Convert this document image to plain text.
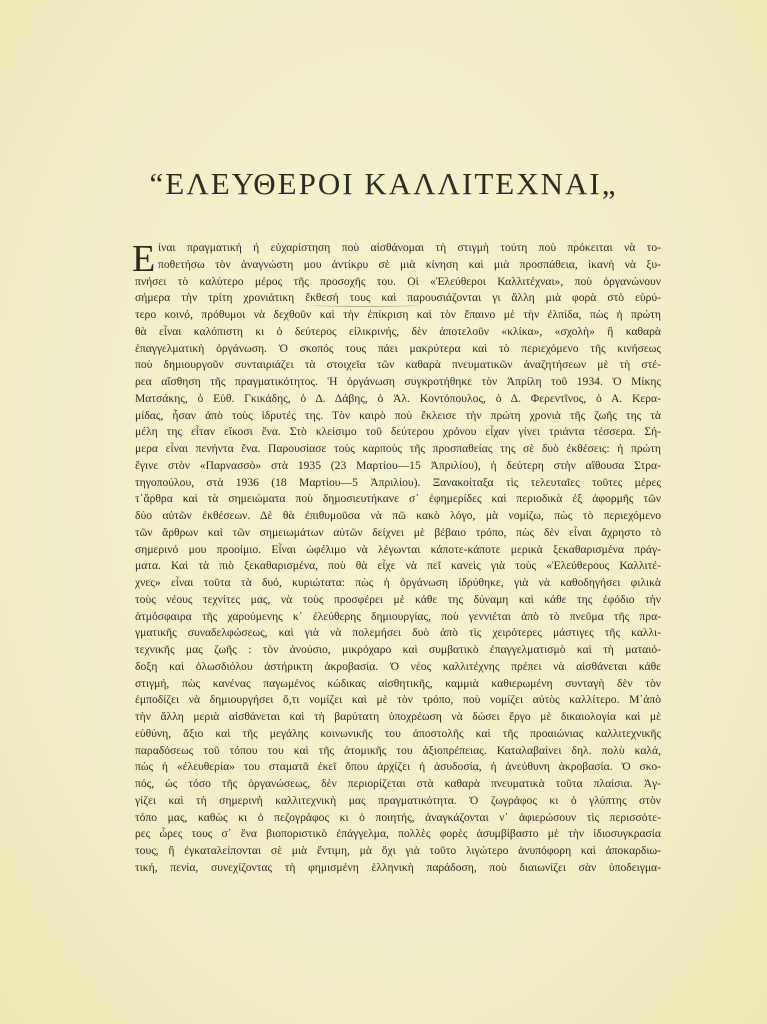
“ΕΛΕΥΘΕΡΟΙ ΚΑΛΛΙΤΕΧΝΑΙ„
Ε ίναι πραγματική ή εὐχαρίστηση ποὺ αἰσθάνομαι τὴ στιγμὴ τούτη ποὺ πρόκειται νὰ το-
ποθετήσω τὸν ἀναγνώστη μου ἀντίκρυ σὲ μιὰ κίνηση καὶ μιὰ προσπάθεια, ἱκανὴ νὰ ξυ-
πνήσει τὸ καλύτερο μέρος τῆς προσοχῆς του. Οἱ «Ἐλεύθεροι Καλλιτέχναι», ποὺ ὀργανώνουν
σήμερα τὴν τρίτη χρονιάτικη ἔκθεσή τους καὶ παρουσιάζονται γι ἄλλη μιὰ φορὰ στὸ εὐρύ-
τερο κοινό, πρόθυμοι νὰ δεχθοῦν καὶ τὴν ἐπίκριση καὶ τὸν ἔπαινο μὲ τὴν ἐλπίδα, πὼς ἡ πρώτη
θὰ εἶναι καλόπιστη κι ὁ δεύτερος εἰλικρινής, δὲν ἀποτελοῦν «κλίκα», «σχολὴ» ἢ καθαρὰ
ἐπαγγελματικὴ ὀργάνωση. Ὁ σκοπός τους πάει μακρύτερα καὶ τὸ περιεχόμενο τῆς κινήσεως
ποὺ δημιουργοῦν συνταιριάζει τὰ στοιχεῖα τῶν καθαρὰ πνευματικῶν ἀναζητήσεων μὲ τὴ στέ-
ρεα αἴσθηση τῆς πραγματικότητος. Ἡ ὀργάνωση συγκροτήθηκε τὸν Ἀπρίλη τοῦ 1934. Ὁ Μίκης
Ματσάκης, ὁ Εὐθ. Γκικάδης, ὁ Δ. Δάβης, ὁ Ἀλ. Κοντόπουλος, ὁ Δ. Φερεντῖνος, ὁ Α. Κερα-
μίδας, ἦσαν ἀπὸ τοὺς ἱδρυτές της. Τὸν καιρὸ ποὺ ἔκλεισε τὴν πρώτη χρονιὰ τῆς ζωῆς της τὰ
μέλη της εἶταν εἴκοσι ἕνα. Στὸ κλείσιμο τοῦ δεύτερου χρόνου εἶχαν γίνει τριάντα τέσσερα. Σή-
μερα εἶναι πενήντα ἕνα. Παρουσίασε τοὺς καρποὺς τῆς προσπαθείας της σὲ δυὸ ἐκθέσεις: ἡ πρώτη
ἔγινε στὸν «Παρνασσὸ» στὰ 1935 (23 Μαρτίου—15 Ἀπριλίου), ἡ δεύτερη στὴν αἴθουσα Στρα-
τηγοπούλου, στὰ 1936 (18 Μαρτίου—5 Ἀπριλίου). Ξανακοίταξα τὶς τελευταῖες τοῦτες μέρες
τ᾽ἄρθρα καὶ τὰ σημειώματα ποὺ δημοσιευτήκανε σ᾽ ἐφημερίδες καὶ περιοδικὰ ἐξ ἀφορμῆς τῶν
δύο αὐτῶν ἐκθέσεων. Δὲ θὰ ἐπιθυμοῦσα νὰ πῶ κακὸ λόγο, μὰ νομίζω, πὼς τὸ περιεχόμενο
τῶν ἄρθρων καὶ τῶν σημειωμάτων αὐτῶν δείχνει μὲ βέβαιο τρόπο, πὼς δὲν εἶναι ἄχρηστο τὸ
σημερινό μου προοίμιο. Εἶναι ὠφέλιμο νὰ λέγωνται κάποτε-κάποτε μερικὰ ξεκαθαρισμένα πράγ-
ματα. Καὶ τὰ πιὸ ξεκαθαρισμένα, ποὺ θὰ εἶχε νὰ πεῖ κανεὶς γιὰ τοὺς «Ἐλεύθερους Καλλιτέ-
χνες» εἶναι τοῦτα τὰ δυό, κυριώτατα: πὼς ἡ ὀργάνωση ἱδρύθηκε, γιὰ νὰ καθοδηγήσει φιλικὰ
τοὺς νέους τεχνίτες μας, νὰ τοὺς προσφέρει μὲ κάθε της δύναμη καὶ κάθε της ἐφόδιο τὴν
ἀτμόσφαιρα τῆς χαρούμενης κ᾽ ἐλεύθερης δημιουργίας, ποὺ γεννιέται ἀπὸ τὸ πνεῦμα τῆς πρα-
γματικῆς συναδελφώσεως, καὶ γιὰ νὰ πολεμήσει δυὸ ἀπὸ τὶς χειρότερες μάστιγες τῆς καλλι-
τεχνικῆς μας ζωῆς : τὸν ἀνούσιο, μικρόχαρο καὶ συμβατικὸ ἐπαγγελματισμὸ καὶ τὴ ματαιό-
δοξη καὶ ὁλωσδιόλου ἀστήρικτη ἀκροβασία. Ὁ νέος καλλιτέχνης πρέπει νὰ αἰσθάνεται κάθε
στιγμή, πὼς κανένας παγωμένος κώδικας αἰσθητικῆς, καμμιὰ καθιερωμένη συνταγὴ δὲν τὸν
ἐμποδίζει νὰ δημιουργήσει ὅ,τι νομίζει καὶ μὲ τὸν τρόπο, ποὺ νομίζει αὐτὸς καλλίτερο. Μ᾽ἀπὸ
τὴν ἄλλη μεριὰ αἰσθάνεται καὶ τὴ βαρύτατη ὑποχρέωση νὰ δώσει ἔργο μὲ δικαιολογία καὶ μὲ
εὐθύνη, ἄξιο καὶ τῆς μεγάλης κοινωνικῆς του ἀποστολῆς καὶ τῆς προαιώνιας καλλιτεχνικῆς
παραδόσεως τοῦ τόπου του καὶ τῆς ἀτομικῆς του ἀξιοπρέπειας. Καταλαβαίνει δηλ. πολὺ καλά,
πὼς ἡ «ἐλευθερία» του σταματᾶ ἐκεῖ ὅπου ἀρχίζει ἡ ἀσυδοσία, ἡ ἀνεύθυνη ἀκροβασία. Ὁ σκο-
πός, ὡς τόσο τῆς ὀργανώσεως, δὲν περιορίζεται στὰ καθαρὰ πνευματικὰ τοῦτα πλαίσια. Ἀγ-
γίζει καὶ τὴ σημερινὴ καλλιτεχνικὴ μας πραγματικότητα. Ὁ ζωγράφος κι ὁ γλύπτης στὸν
τόπο μας, καθὼς κι ὁ πεζογράφος κι ὁ ποιητής, ἀναγκάζονται ν᾽ ἀφιερώσουν τὶς περισσότε-
ρες ὧρες τους σ᾽ ἕνα βιοποριστικὸ ἐπάγγελμα, πολλὲς φορὲς ἀσυμβίβαστο μὲ τὴν ἰδιοσυγκρασία
τους, ἢ ἐγκαταλείπονται σὲ μιὰ ἔντιμη, μὰ ὄχι γιὰ τοῦτο λιγώτερο ἀνυπόφορη καὶ ἀποκαρδιω-
τική, πενία, συνεχίζοντας τὴ φημισμένη ἑλληνικὴ παράδοση, ποὺ διαιωνίζει σὰν ὑποδειγμα-
